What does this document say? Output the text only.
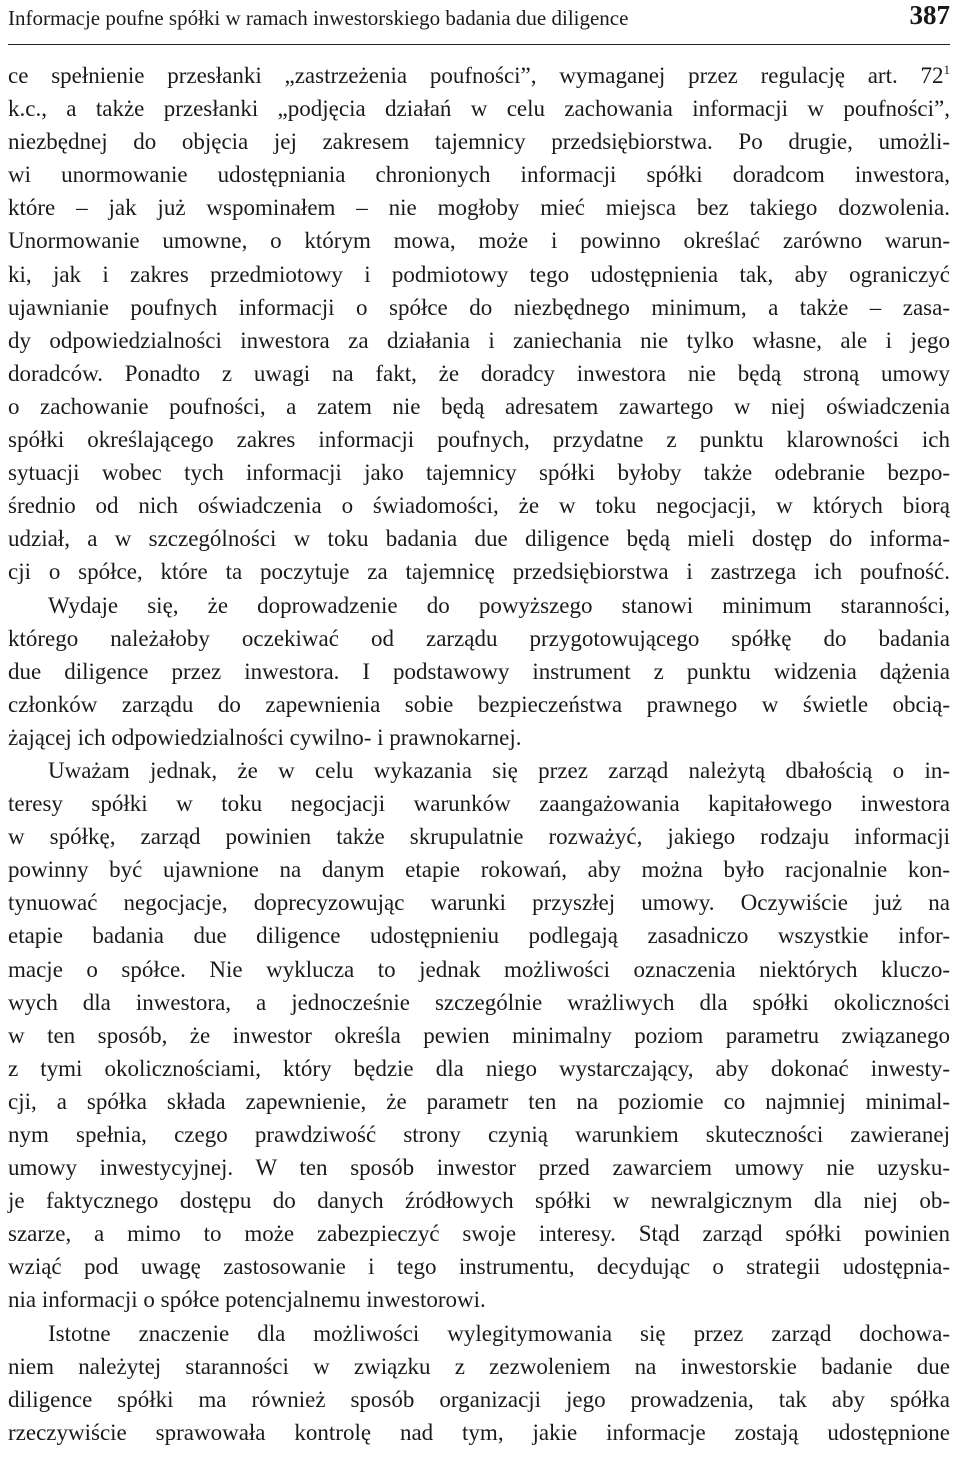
Informacje poufne spółki w ramach inwestorskiego badania due diligence	387
ce spełnienie przesłanki „zastrzeżenia poufności”, wymaganej przez regulację art. $72^1$
k.c., a także przesłanki „podjęcia działań w celu zachowania informacji w poufności”,
niezbędnej do objęcia jej zakresem tajemnicy przedsiębiorstwa. Po drugie, umożli-
wi unormowanie udostępniania chronionych informacji spółki doradcom inwestora,
które – jak już wspominałem – nie mogłoby mieć miejsca bez takiego dozwolenia.
Unormowanie umowne, o którym mowa, może i powinno określać zarówno warun-
ki, jak i zakres przedmiotowy i podmiotowy tego udostępnienia tak, aby ograniczyć
ujawnianie poufnych informacji o spółce do niezbędnego minimum, a także – zasa-
dy odpowiedzialności inwestora za działania i zaniechania nie tylko własne, ale i jego
doradców. Ponadto z uwagi na fakt, że doradcy inwestora nie będą stroną umowy
o zachowanie poufności, a zatem nie będą adresatem zawartego w niej oświadczenia
spółki określającego zakres informacji poufnych, przydatne z punktu klarowności ich
sytuacji wobec tych informacji jako tajemnicy spółki byłoby także odebranie bezpo-
średnio od nich oświadczenia o świadomości, że w toku negocjacji, w których biorą
udział, a w szczególności w toku badania due diligence będą mieli dostęp do informa-
cji o spółce, które ta poczytuje za tajemnicę przedsiębiorstwa i zastrzega ich poufność.
Wydaje się, że doprowadzenie do powyższego stanowi minimum staranności,
którego należałoby oczekiwać od zarządu przygotowującego spółkę do badania
due diligence przez inwestora. I podstawowy instrument z punktu widzenia dążenia
członków zarządu do zapewnienia sobie bezpieczeństwa prawnego w świetle obcią-
żającej ich odpowiedzialności cywilno- i prawnokarnej.
Uważam jednak, że w celu wykazania się przez zarząd należytą dbałością o in-
teresy spółki w toku negocjacji warunków zaangażowania kapitałowego inwestora
w spółkę, zarząd powinien także skrupulatnie rozważyć, jakiego rodzaju informacji
powinny być ujawnione na danym etapie rokowań, aby można było racjonalnie kon-
tynuować negocjacje, doprecyzowując warunki przyszłej umowy. Oczywiście już na
etapie badania due diligence udostępnieniu podlegają zasadniczo wszystkie infor-
macje o spółce. Nie wyklucza to jednak możliwości oznaczenia niektórych kluczo-
wych dla inwestora, a jednocześnie szczególnie wrażliwych dla spółki okoliczności
w ten sposób, że inwestor określa pewien minimalny poziom parametru związanego
z tymi okolicznościami, który będzie dla niego wystarczający, aby dokonać inwesty-
cji, a spółka składa zapewnienie, że parametr ten na poziomie co najmniej minimal-
nym spełnia, czego prawdziwość strony czynią warunkiem skuteczności zawieranej
umowy inwestycyjnej. W ten sposób inwestor przed zawarciem umowy nie uzysku-
je faktycznego dostępu do danych źródłowych spółki w newralgicznym dla niej ob-
szarze, a mimo to może zabezpieczyć swoje interesy. Stąd zarząd spółki powinien
wziąć pod uwagę zastosowanie i tego instrumentu, decydując o strategii udostępnia-
nia informacji o spółce potencjalnemu inwestorowi.
Istotne znaczenie dla możliwości wylegitymowania się przez zarząd dochowa-
niem należytej staranności w związku z zezwoleniem na inwestorskie badanie due
diligence spółki ma również sposób organizacji jego prowadzenia, tak aby spółka
rzeczywiście sprawowała kontrolę nad tym, jakie informacje zostają udostępnione
